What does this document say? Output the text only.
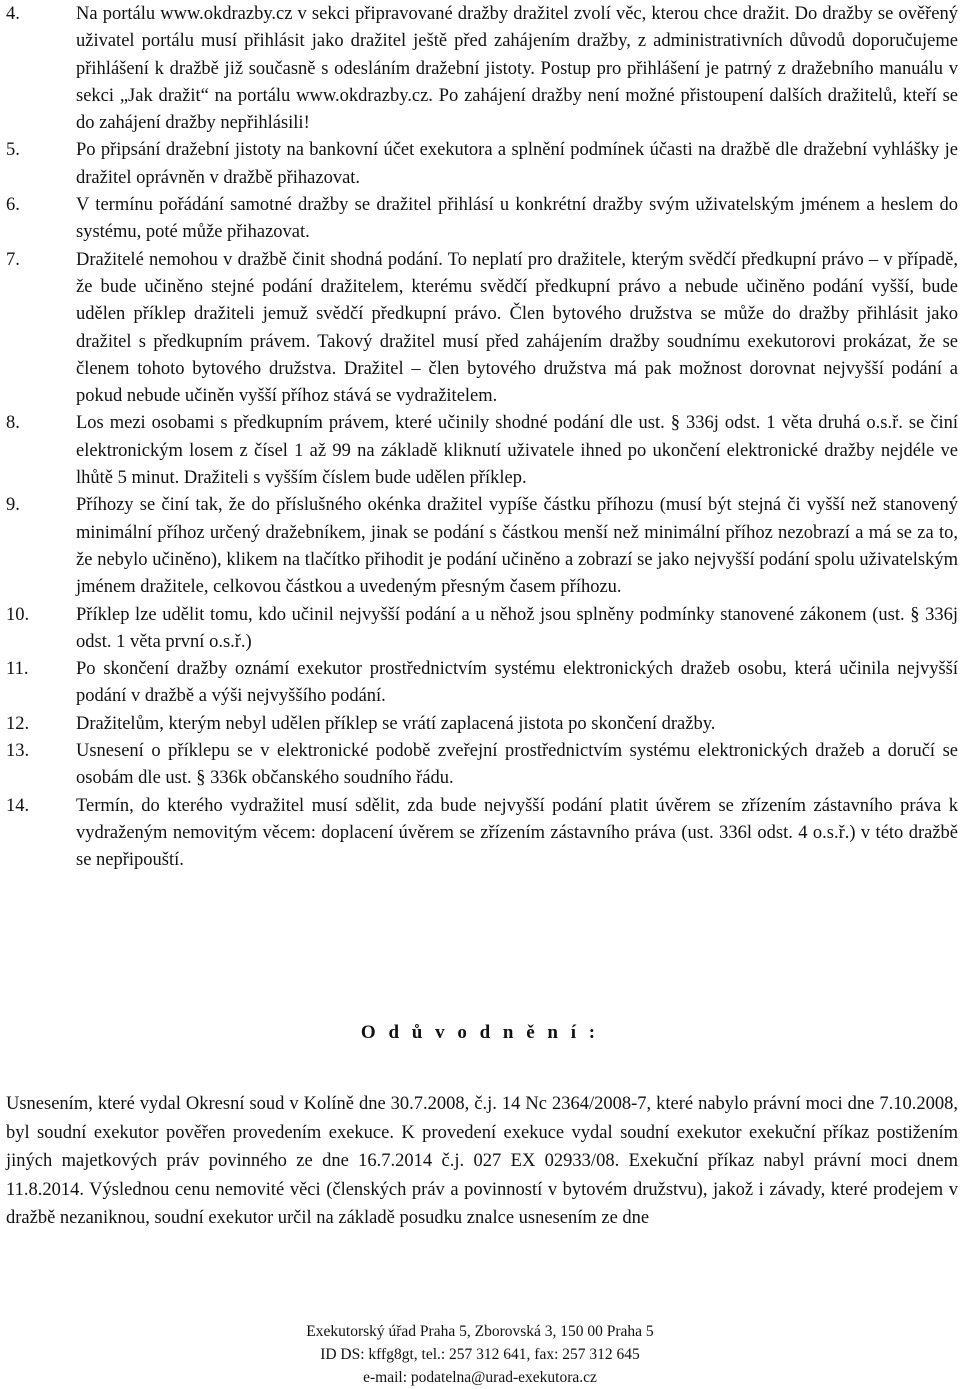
4.	Na portálu www.okdrazby.cz v sekci připravované dražby dražitel zvolí věc, kterou chce dražit. Do dražby se ověřený uživatel portálu musí přihlásit jako dražitel ještě před zahájením dražby, z administrativních důvodů doporučujeme přihlášení k dražbě již současně s odesláním dražební jistoty. Postup pro přihlášení je patrný z dražebního manuálu v sekci „Jak dražit“ na portálu www.okdrazby.cz. Po zahájení dražby není možné přistoupení dalších dražitelů, kteří se do zahájení dražby nepřihlásili!
5.	Po připsání dražební jistoty na bankovní účet exekutora a splnění podmínek účasti na dražbě dle dražební vyhlášky je dražitel oprávněn v dražbě přihazovat.
6.	V termínu pořádání samotné dražby se dražitel přihlásí u konkrétní dražby svým uživatelským jménem a heslem do systému, poté může přihazovat.
7.	Dražitelé nemohou v dražbě činit shodná podání. To neplatí pro dražitele, kterým svědčí předkupní právo – v případě, že bude učiněno stejné podání dražitelem, kterému svědčí předkupní právo a nebude učiněno podání vyšší, bude udělen příklep dražiteli jemuž svědčí předkupní právo. Člen bytového družstva se může do dražby přihlásit jako dražitel s předkupním právem. Takový dražitel musí před zahájením dražby soudnímu exekutorovi prokázat, že se členem tohoto bytového družstva. Dražitel – člen bytového družstva má pak možnost dorovnat nejvyšší podání a pokud nebude učiněn vyšší příhoz stává se vydražitelem.
8.	Los mezi osobami s předkupním právem, které učinily shodné podání dle ust. § 336j odst. 1 věta druhá o.s.ř. se činí elektronickým losem z čísel 1 až 99 na základě kliknutí uživatele ihned po ukončení elektronické dražby nejdéle ve lhůtě 5 minut. Dražiteli s vyšším číslem bude udělen příklep.
9.	Příhozy se činí tak, že do příslušného okénka dražitel vypíše částku příhozu (musí být stejná či vyšší než stanovený minimální příhoz určený dražebníkem, jinak se podání s částkou menší než minimální příhoz nezobrazí a má se za to, že nebylo učiněno), klikem na tlačítko přihodit je podání učiněno a zobrazí se jako nejvyšší podání spolu uživatelským jménem dražitele, celkovou částkou a uvedeným přesným časem příhozu.
10.	Příklep lze udělit tomu, kdo učinil nejvyšší podání a u něhož jsou splněny podmínky stanovené zákonem (ust. § 336j odst. 1 věta první o.s.ř.)
11.	Po skončení dražby oznámí exekutor prostřednictvím systému elektronických dražeb osobu, která učinila nejvyšší podání v dražbě a výši nejvyššího podání.
12.	Dražitelům, kterým nebyl udělen příklep se vrátí zaplacená jistota po skončení dražby.
13.	Usnesení o příklepu se v elektronické podobě zveřejní prostřednictvím systému elektronických dražeb a doručí se osobám dle ust. § 336k občanského soudního řádu.
14.	Termín, do kterého vydražitel musí sdělit, zda bude nejvyšší podání platit úvěrem se zřízením zástavního práva k vydraženým nemovitým věcem: doplacení úvěrem se zřízením zástavního práva (ust. 336l odst. 4 o.s.ř.) v této dražbě se nepřipouští.
O d ů v o d n ě n í :
Usnesením, které vydal Okresní soud v Kolíně dne 30.7.2008, č.j. 14 Nc 2364/2008-7, které nabylo právní moci dne 7.10.2008, byl soudní exekutor pověřen provedením exekuce. K provedení exekuce vydal soudní exekutor exekuční příkaz postižením jiných majetkových práv povinného ze dne 16.7.2014 č.j. 027 EX 02933/08. Exekuční příkaz nabyl právní moci dnem 11.8.2014. Výslednou cenu nemovité věci (členských práv a povinností v bytovém družstvu), jakož i závady, které prodejem v dražbě nezaniknou, soudní exekutor určil na základě posudku znalce usnesením ze dne
Exekutorský úřad Praha 5, Zborovská 3, 150 00 Praha 5
ID DS: kffg8gt, tel.: 257 312 641, fax: 257 312 645
e-mail: podatelna@urad-exekutora.cz
